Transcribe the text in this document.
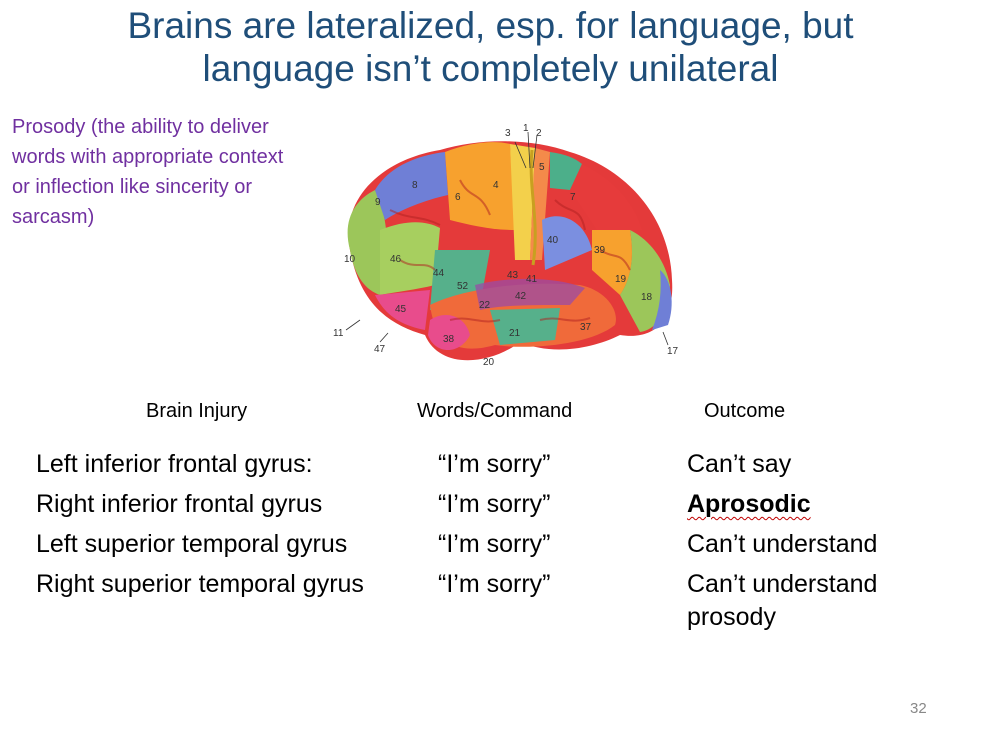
Brains are lateralized, esp. for language, but
language isn’t completely unilateral
Prosody (the ability to deliver words with appropriate context or inflection like sincerity or sarcasm)
3 1 2
5
8
6
4
7
9
40
39
10	46
44	43 41	19
52
42	18
45	22
11
38
21
37
47
20
17
Brain Injury	Words/Command	Outcome
Left inferior frontal gyrus:	“I’m sorry”	Can’t say
Right inferior frontal gyrus	“I’m sorry”	Aprosodic
Left superior temporal gyrus	“I’m sorry”	Can’t understand
Right superior temporal gyrus	“I’m sorry”	Can’t understand
prosody
32
